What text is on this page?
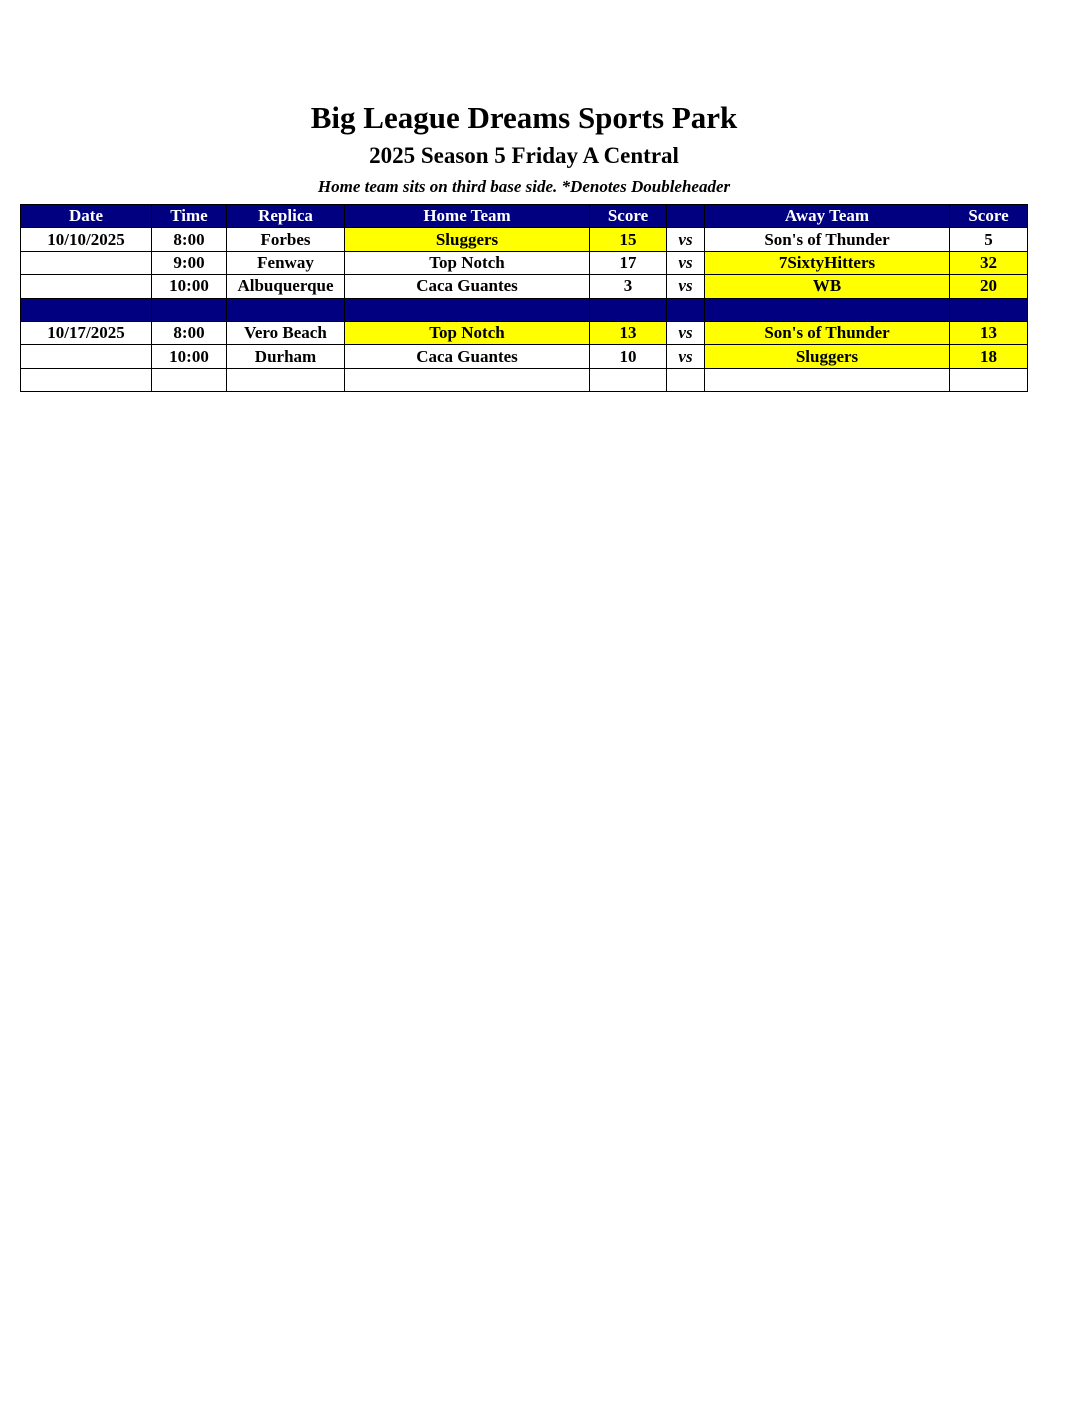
Big League Dreams Sports Park
2025 Season 5 Friday A Central
Home team sits on third base side. *Denotes Doubleheader
Date	Time	Replica	Home Team	Score		Away Team	Score
10/10/2025	8:00	Forbes	Sluggers	15	vs	Son's of Thunder	5
	9:00	Fenway	Top Notch	17	vs	7SixtyHitters	32
	10:00	Albuquerque	Caca Guantes	3	vs	WB	20

10/17/2025	8:00	Vero Beach	Top Notch	13	vs	Son's of Thunder	13
	10:00	Durham	Caca Guantes	10	vs	Sluggers	18
